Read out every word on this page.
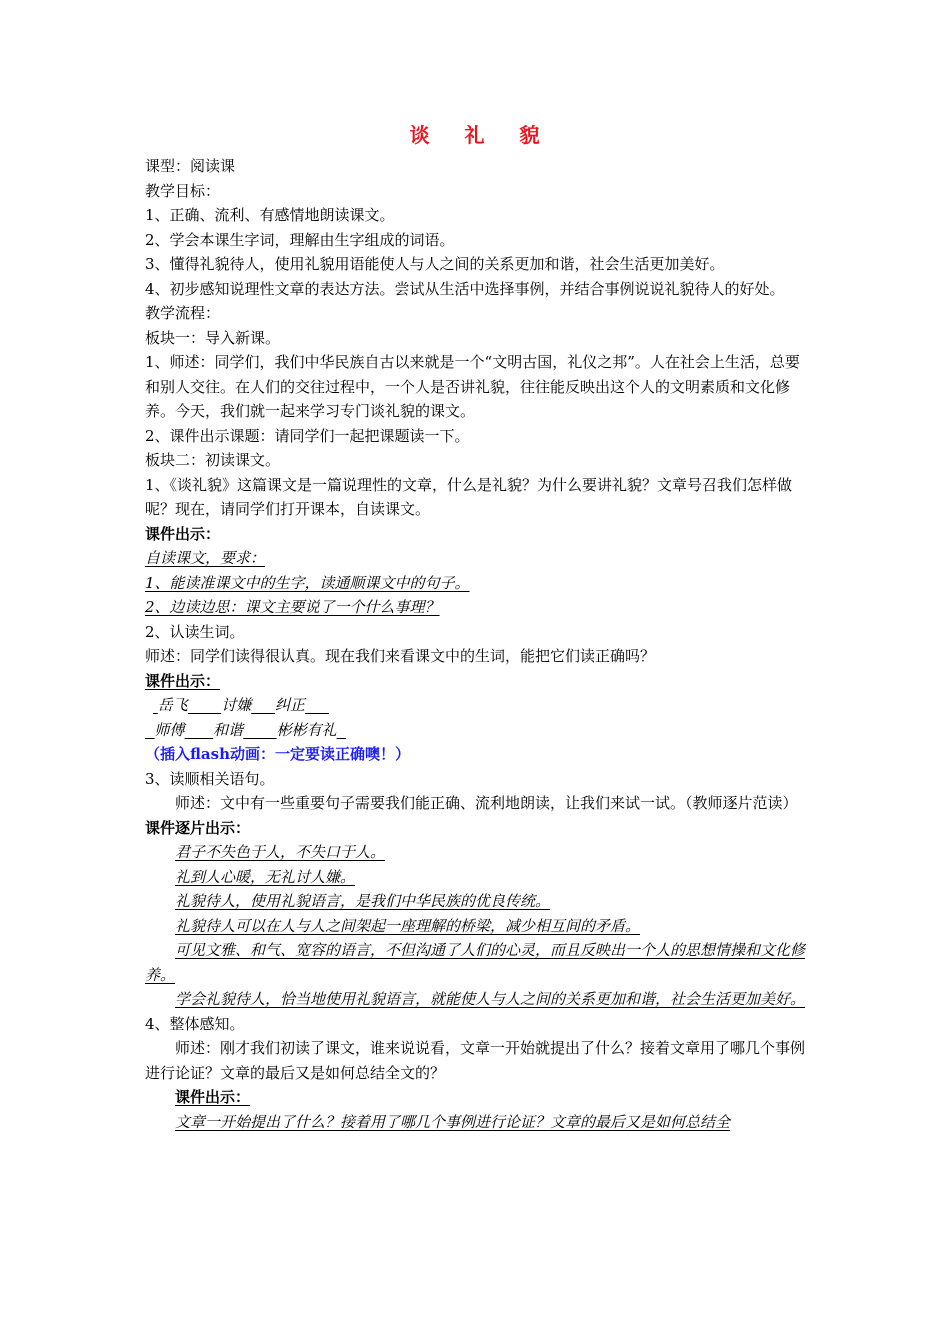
谈 礼 貌

课型：阅读课

教学目标：

1、正确、流利、有感情地朗读课文。

2、学会本课生字词，理解由生字组成的词语。

3、懂得礼貌待人，使用礼貌用语能使人与人之间的关系更加和谐，社会生活更加美好。

4、初步感知说理性文章的表达方法。尝试从生活中选择事例，并结合事例说说礼貌待人的好处。

教学流程：

板块一：导入新课。

1、师述：同学们，我们中华民族自古以来就是一个“文明古国，礼仪之邦”。人在社会上生活，总要和别人交往。在人们的交往过程中，一个人是否讲礼貌，往往能反映出这个人的文明素质和文化修养。今天，我们就一起来学习专门谈礼貌的课文。

2、课件出示课题：请同学们一起把课题读一下。

板块二：初读课文。

1、《谈礼貌》这篇课文是一篇说理性的文章，什么是礼貌？为什么要讲礼貌？文章号召我们怎样做呢？现在，请同学们打开课本，自读课文。

课件出示：

自读课文，要求：

1、能读准课文中的生字，读通顺课文中的句子。

2、边读边思：课文主要说了一个什么事理？

2、认读生词。

师述：同学们读得很认真。现在我们来看课文中的生词，能把它们读正确吗？

课件出示：

岳飞 讨嫌 纠正

师傅 和谐 彬彬有礼

（插入flash动画：一定要读正确噢！）

3、读顺相关语句。

师述：文中有一些重要句子需要我们能正确、流利地朗读，让我们来试一试。（教师逐片范读）

课件逐片出示：

君子不失色于人，不失口于人。

礼到人心暖，无礼讨人嫌。

礼貌待人，使用礼貌语言，是我们中华民族的优良传统。

礼貌待人可以在人与人之间架起一座理解的桥梁，减少相互间的矛盾。

可见文雅、和气、宽容的语言，不但沟通了人们的心灵，而且反映出一个人的思想情操和文化修养。

学会礼貌待人，恰当地使用礼貌语言，就能使人与人之间的关系更加和谐，社会生活更加美好。

4、整体感知。

师述：刚才我们初读了课文，谁来说说看，文章一开始就提出了什么？接着文章用了哪几个事例进行论证？文章的最后又是如何总结全文的？

课件出示：

文章一开始提出了什么？接着用了哪几个事例进行论证？文章的最后又是如何总结全
